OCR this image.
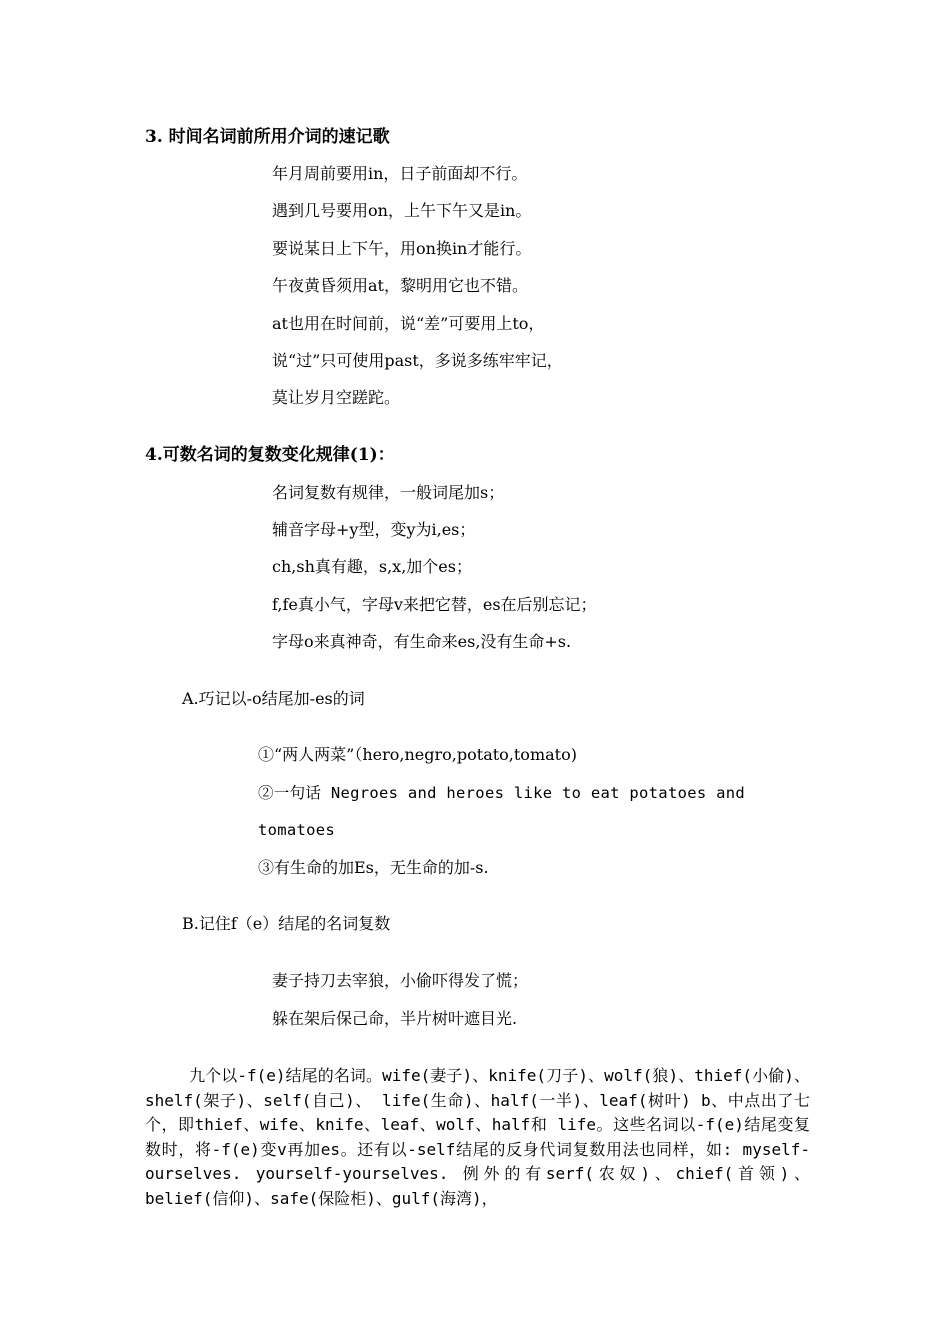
3. 时间名词前所用介词的速记歌
年月周前要用in，日子前面却不行。
遇到几号要用on，上午下午又是in。
要说某日上下午，用on换in才能行。
午夜黄昏须用at，黎明用它也不错。
at也用在时间前，说“差”可要用上to，
说“过”只可使用past，多说多练牢牢记，
莫让岁月空蹉跎。
4.可数名词的复数变化规律(1)：
名词复数有规律，一般词尾加s；
辅音字母+y型，变y为i,es；
ch,sh真有趣，s,x,加个es；
f,fe真小气，字母v来把它替，es在后别忘记；
字母o来真神奇，有生命来es,没有生命+s.
A.巧记以-o结尾加-es的词
①“两人两菜”（hero,negro,potato,tomato)
②一句话 Negroes and heroes like to eat potatoes and
tomatoes
③有生命的加Es，无生命的加-s.
B.记住f（e）结尾的名词复数
妻子持刀去宰狼，小偷吓得发了慌；
躲在架后保己命，半片树叶遮目光.
九个以-f(e)结尾的名词。wife(妻子)、knife(刀子)、wolf(狼)、thief(小偷)、shelf(架子)、self(自己)、 life(生命)、half(一半)、leaf(树叶) b、中点出了七个，即thief、wife、knife、leaf、wolf、half和 life。这些名词以-f(e)结尾变复数时，将-f(e)变v再加es。还有以-self结尾的反身代词复数用法也同样，如: myself-ourselves. yourself-yourselves. 例外的有serf(农奴)、chief(首领)、belief(信仰)、safe(保险柜)、gulf(海湾)，
